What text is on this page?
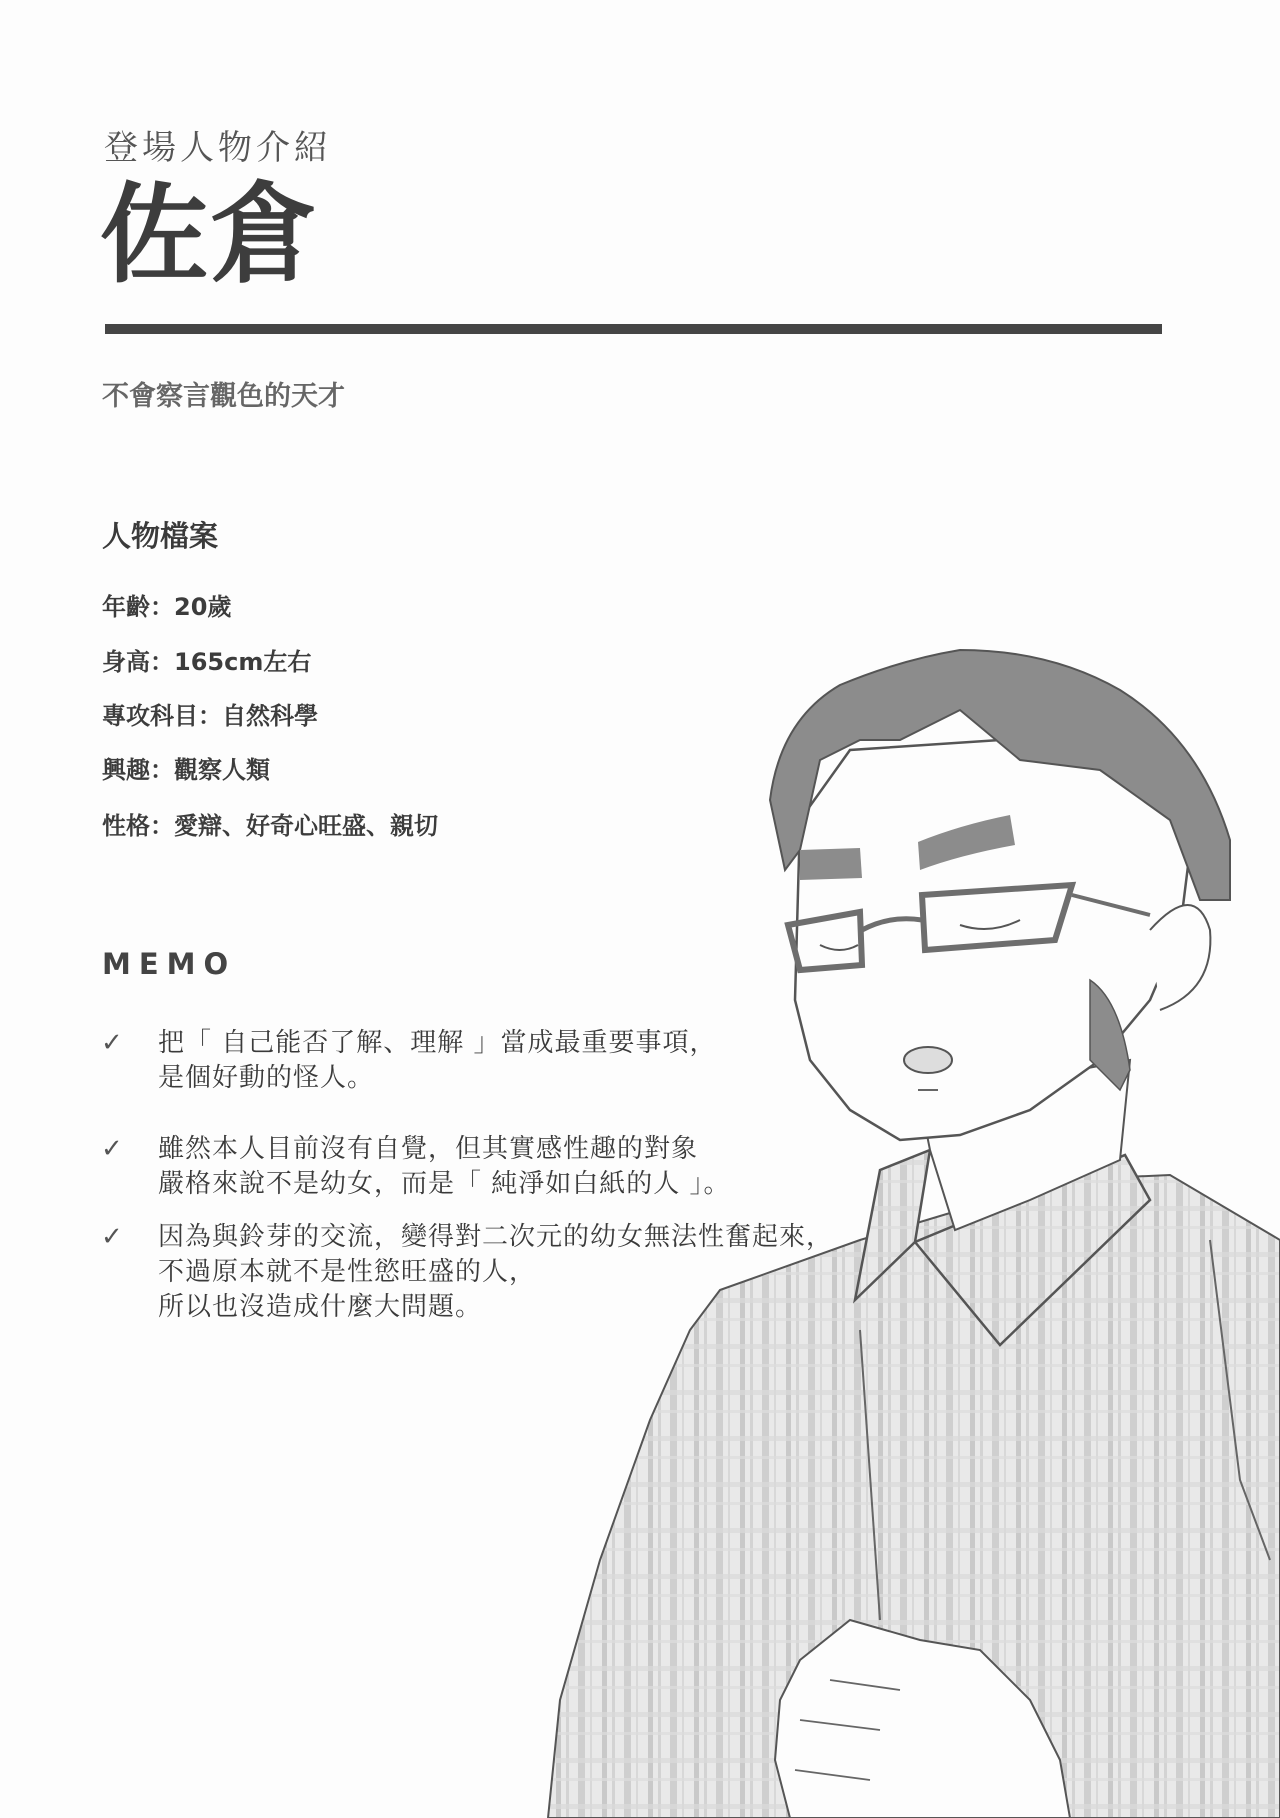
登場人物介紹
佐倉
不會察言觀色的天才
人物檔案
年齡：20歲
身高：165cm左右
專攻科目：自然科學
興趣：觀察人類
性格：愛辯、好奇心旺盛、親切
MEMO
✓ 把「 自己能否了解、理解 」當成最重要事項，
是個好動的怪人。
✓ 雖然本人目前沒有自覺，但其實感性趣的對象
嚴格來說不是幼女，而是「 純淨如白紙的人 」。
✓ 因為與鈴芽的交流，變得對二次元的幼女無法性奮起來，
不過原本就不是性慾旺盛的人，
所以也沒造成什麼大問題。
